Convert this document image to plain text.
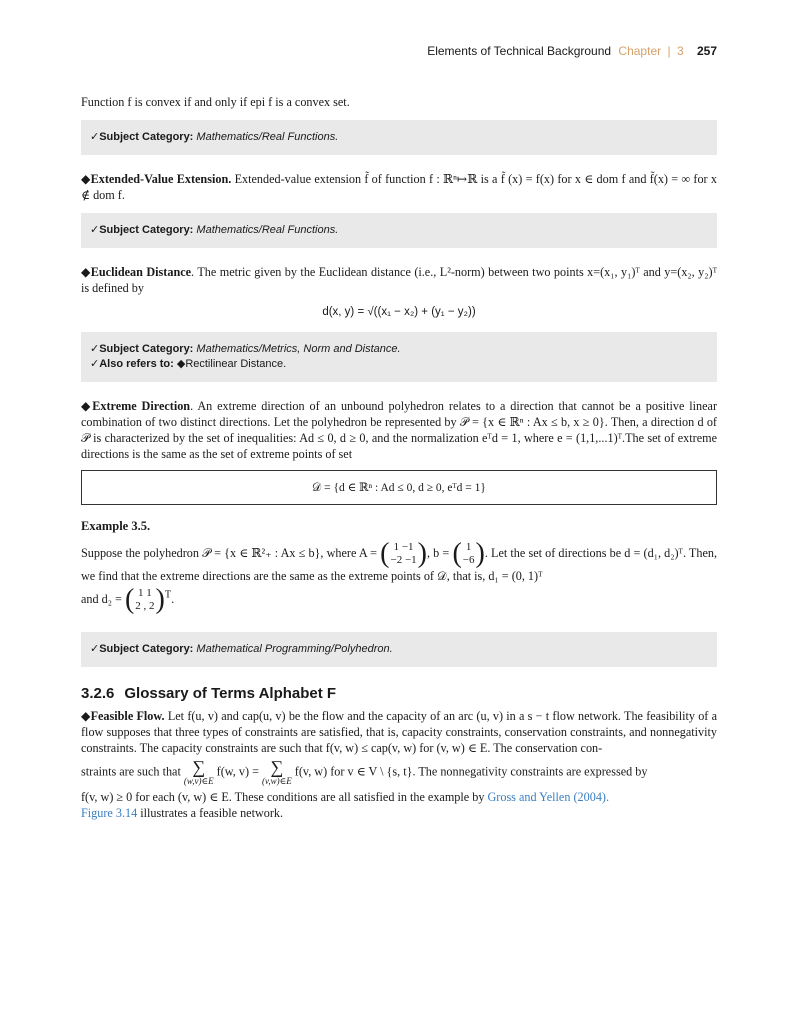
Elements of Technical Background Chapter | 3 257

Function f is convex if and only if epi f is a convex set.

✓Subject Category: Mathematics/Real Functions.

◆Extended-Value Extension. Extended-value extension f̃ of function f : ℝⁿ↦ℝ is a f̃ (x) = f(x) for x ∈ dom f and f̃(x) = ∞ for x ∉ dom f.

✓Subject Category: Mathematics/Real Functions.

◆Euclidean Distance. The metric given by the Euclidean distance (i.e., L²-norm) between two points x=(x₁, y₁)ᵀ and y=(x₂, y₂)ᵀ is defined by

d(x, y) = √((x₁ − x₂) + (y₁ − y₂))
✓Subject Category: Mathematics/Metrics, Norm and Distance.
✓Also refers to: ◆Rectilinear Distance.

◆Extreme Direction. An extreme direction of an unbound polyhedron relates to a direction that cannot be a positive linear combination of two distinct directions. Let the polyhedron be represented by 𝒫 = {x ∈ ℝⁿ : Ax ≤ b, x ≥ 0}. Then, a direction d of 𝒫 is characterized by the set of inequalities: Ad ≤ 0, d ≥ 0, and the normalization eᵀd = 1, where e = (1,1,...1)ᵀ.The set of extreme directions is the same as the set of extreme points of set

𝒟 = {d ∈ ℝⁿ : Ad ≤ 0, d ≥ 0, eᵀd = 1}
Example 3.5.

Suppose the polyhedron 𝒫 = {x ∈ ℝ²₊ : Ax ≤ b}, where A = ( 1 −1
−2 −1), b = ( 1
−6). Let the set of directions be d = (d₁, d₂)ᵀ. Then, we find that the extreme directions are the same as the extreme points of 𝒟, that is, d₁ = (0, 1)ᵀ

and d₂ = ( 1 1
2 , 2)$^T$.

✓Subject Category: Mathematical Programming/Polyhedron.
3.2.6 Glossary of Terms Alphabet F

◆Feasible Flow. Let f(u, v) and cap(u, v) be the flow and the capacity of an arc (u, v) in a s − t flow network. The feasibility of a flow supposes that three types of constraints are satisfied, that is, capacity constraints, conservation constraints, and nonnegativity constraints. The capacity constraints are such that f(v, w) ≤ cap(v, w) for (v, w) ∈ E. The conservation con-

straints are such that ∑
(w,v)∈E
f(w, v) = ∑
(v,w)∈E
f(v, w) for v ∈ V \ {s, t}. The nonnegativity constraints are expressed by

f(v, w) ≥ 0 for each (v, w) ∈ E. These conditions are all satisfied in the example by Gross and Yellen (2004).
Figure 3.14 illustrates a feasible network.
